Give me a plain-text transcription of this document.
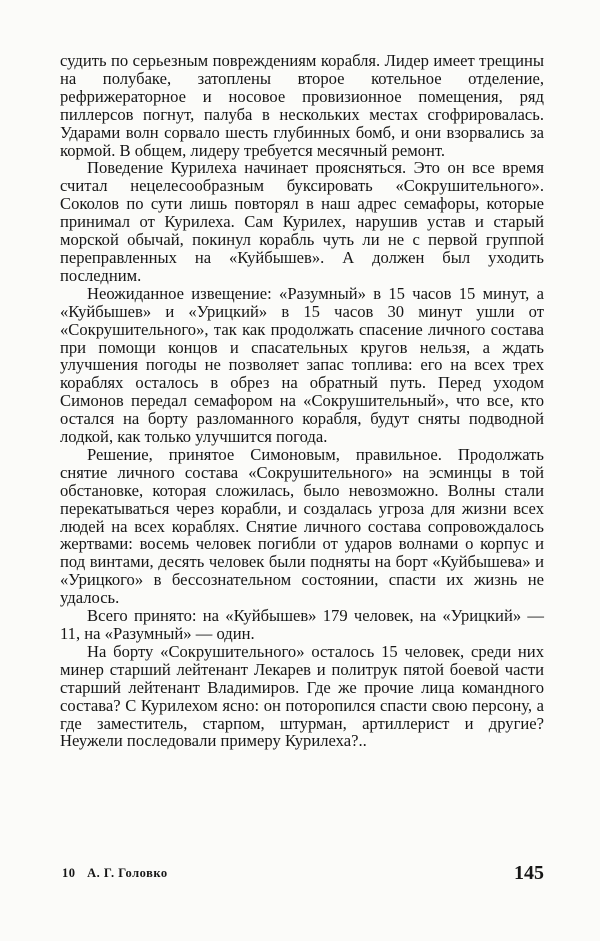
судить по серьезным повреждениям корабля. Лидер имеет трещины на полубаке, затоплены второе котельное отделение, рефрижераторное и носовое провизионное помещения, ряд пиллерсов погнут, палуба в нескольких местах сгофрировалась. Ударами волн сорвало шесть глубинных бомб, и они взорвались за кормой. В общем, лидеру требуется месячный ремонт.

Поведение Курилеха начинает проясняться. Это он все время считал нецелесообразным буксировать «Сокрушительного». Соколов по сути лишь повторял в наш адрес семафоры, которые принимал от Курилеха. Сам Курилех, нарушив устав и старый морской обычай, покинул корабль чуть ли не с первой группой переправленных на «Куйбышев». А должен был уходить последним.

Неожиданное извещение: «Разумный» в 15 часов 15 минут, а «Куйбышев» и «Урицкий» в 15 часов 30 минут ушли от «Сокрушительного», так как продолжать спасение личного состава при помощи концов и спасательных кругов нельзя, а ждать улучшения погоды не позволяет запас топлива: его на всех трех кораблях осталось в обрез на обратный путь. Перед уходом Симонов передал семафором на «Сокрушительный», что все, кто остался на борту разломанного корабля, будут сняты подводной лодкой, как только улучшится погода.

Решение, принятое Симоновым, правильное. Продолжать снятие личного состава «Сокрушительного» на эсминцы в той обстановке, которая сложилась, было невозможно. Волны стали перекатываться через корабли, и создалась угроза для жизни всех людей на всех кораблях. Снятие личного состава сопровождалось жертвами: восемь человек погибли от ударов волнами о корпус и под винтами, десять человек были подняты на борт «Куйбышева» и «Урицкого» в бессознательном состоянии, спасти их жизнь не удалось.

Всего принято: на «Куйбышев» 179 человек, на «Урицкий» — 11, на «Разумный» — один.

На борту «Сокрушительного» осталось 15 человек, среди них минер старший лейтенант Лекарев и политрук пятой боевой части старший лейтенант Владимиров. Где же прочие лица командного состава? С Курилехом ясно: он поторопился спасти свою персону, а где заместитель, старпом, штурман, артиллерист и другие? Неужели последовали примеру Курилеха?..

10 А. Г. Головко	145
